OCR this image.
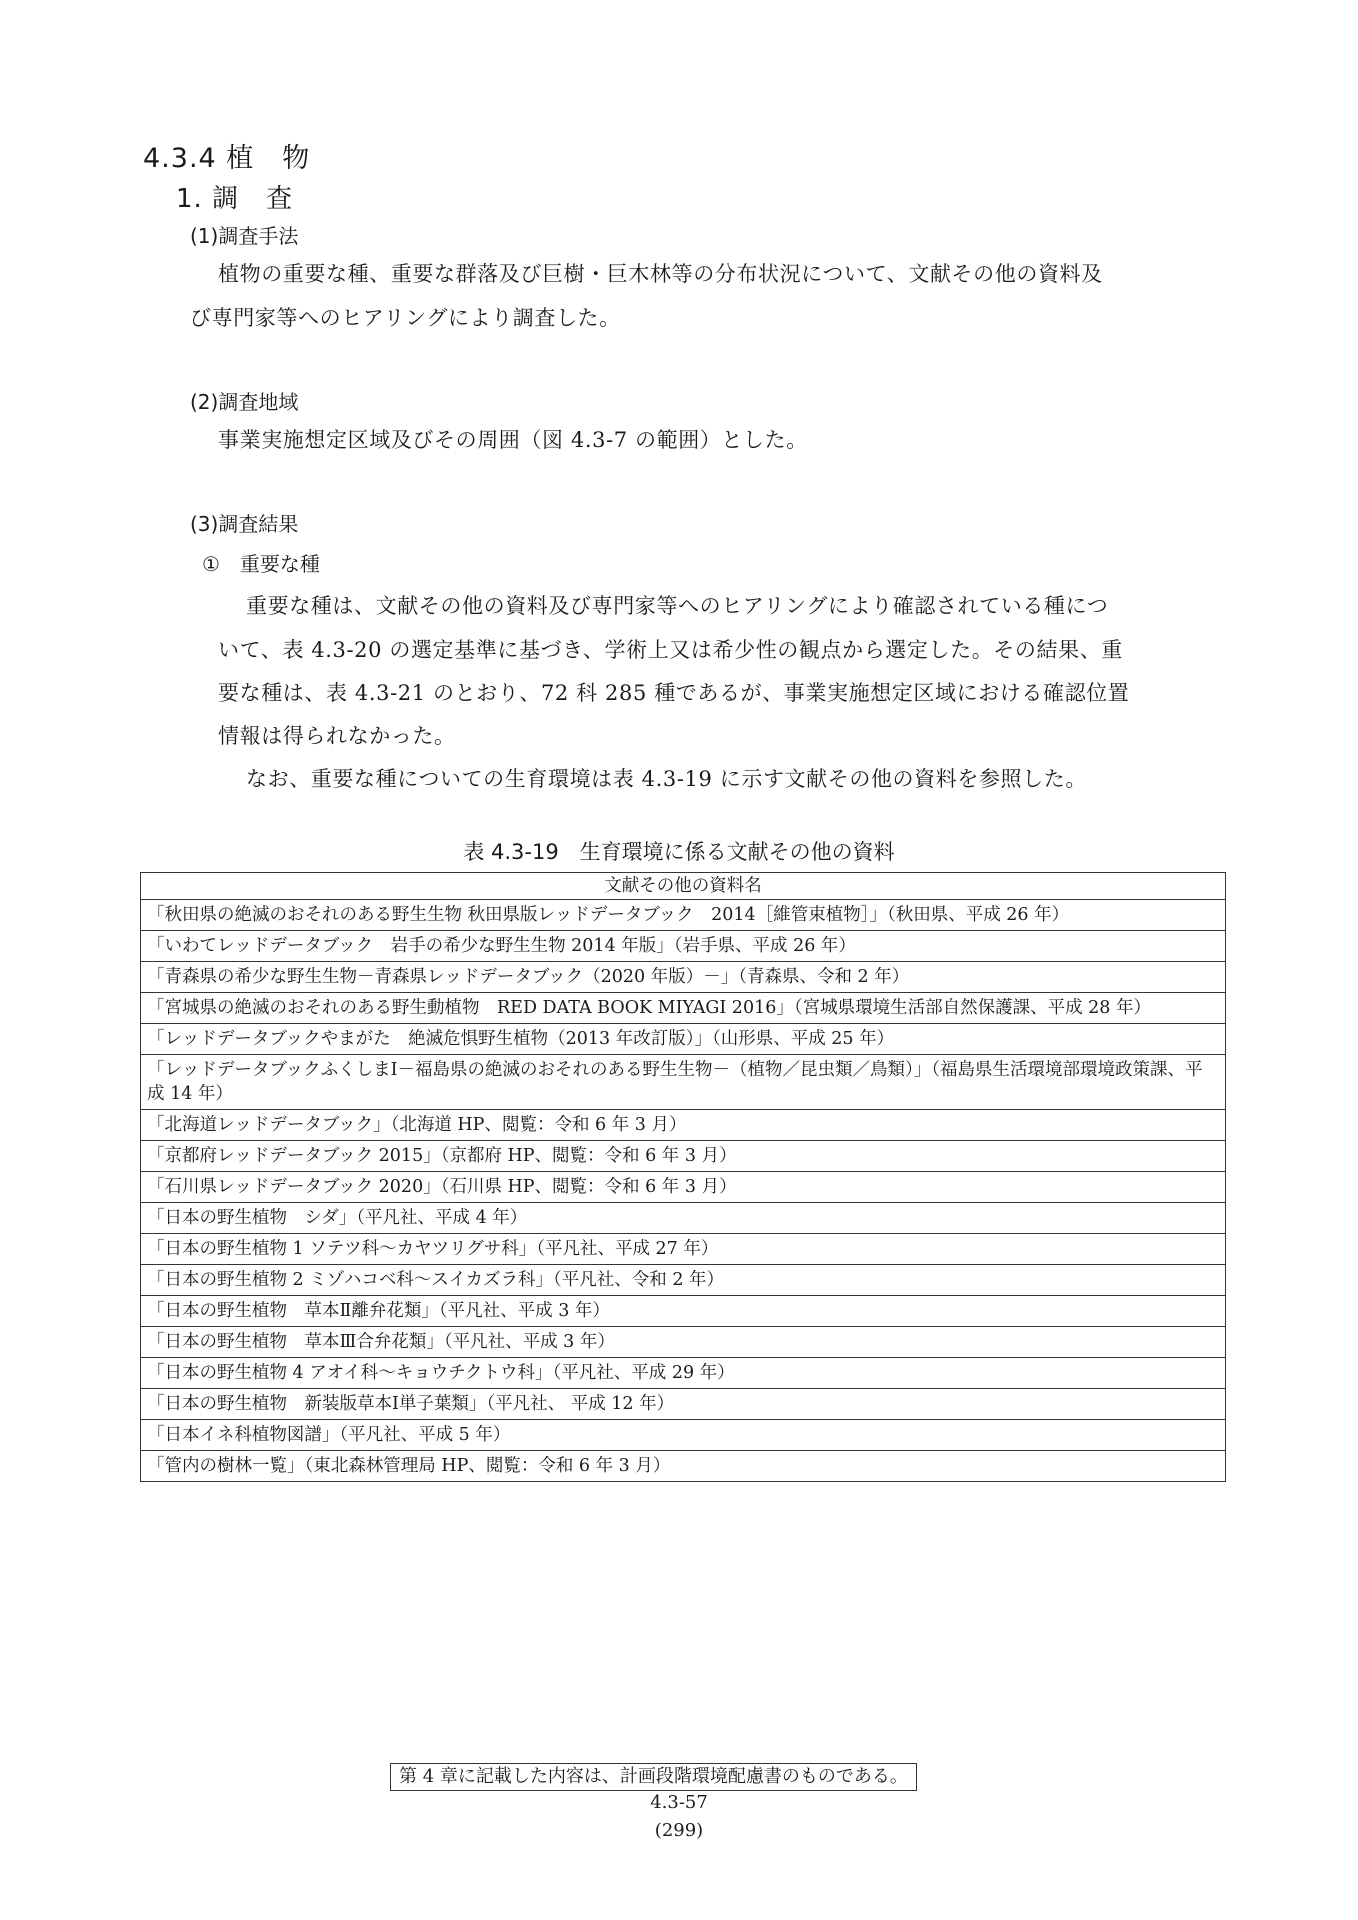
4.3.4 植　物
1. 調　査
(1)調査手法
植物の重要な種、重要な群落及び巨樹・巨木林等の分布状況について、文献その他の資料及
び専門家等へのヒアリングにより調査した。
(2)調査地域
事業実施想定区域及びその周囲（図 4.3-7 の範囲）とした。
(3)調査結果
①　重要な種
重要な種は、文献その他の資料及び専門家等へのヒアリングにより確認されている種につ
いて、表 4.3-20 の選定基準に基づき、学術上又は希少性の観点から選定した。その結果、重
要な種は、表 4.3-21 のとおり、72 科 285 種であるが、事業実施想定区域における確認位置
情報は得られなかった。
なお、重要な種についての生育環境は表 4.3-19 に示す文献その他の資料を参照した。
表 4.3-19　生育環境に係る文献その他の資料
文献その他の資料名
「秋田県の絶滅のおそれのある野生生物 秋田県版レッドデータブック　2014［維管束植物］」（秋田県、平成 26 年）
「いわてレッドデータブック　岩手の希少な野生生物 2014 年版」（岩手県、平成 26 年）
「青森県の希少な野生生物－青森県レッドデータブック（2020 年版）－」（青森県、令和 2 年）
「宮城県の絶滅のおそれのある野生動植物　RED DATA BOOK MIYAGI 2016」（宮城県環境生活部自然保護課、平成 28 年）
「レッドデータブックやまがた　絶滅危惧野生植物（2013 年改訂版）」（山形県、平成 25 年）
「レッドデータブックふくしまⅠ－福島県の絶滅のおそれのある野生生物－（植物／昆虫類／鳥類）」（福島県生活環境部環境政策課、平成 14 年）
「北海道レッドデータブック」（北海道 HP、閲覧：令和 6 年 3 月）
「京都府レッドデータブック 2015」（京都府 HP、閲覧：令和 6 年 3 月）
「石川県レッドデータブック 2020」（石川県 HP、閲覧：令和 6 年 3 月）
「日本の野生植物　シダ」（平凡社、平成 4 年）
「日本の野生植物 1 ソテツ科～カヤツリグサ科」（平凡社、平成 27 年）
「日本の野生植物 2 ミゾハコベ科～スイカズラ科」（平凡社、令和 2 年）
「日本の野生植物　草本Ⅱ離弁花類」（平凡社、平成 3 年）
「日本の野生植物　草本Ⅲ合弁花類」（平凡社、平成 3 年）
「日本の野生植物 4 アオイ科～キョウチクトウ科」（平凡社、平成 29 年）
「日本の野生植物　新装版草本Ⅰ単子葉類」（平凡社、 平成 12 年）
「日本イネ科植物図譜」（平凡社、平成 5 年）
「管内の樹林一覧」（東北森林管理局 HP、閲覧：令和 6 年 3 月）
第 4 章に記載した内容は、計画段階環境配慮書のものである。
4.3-57
(299)
